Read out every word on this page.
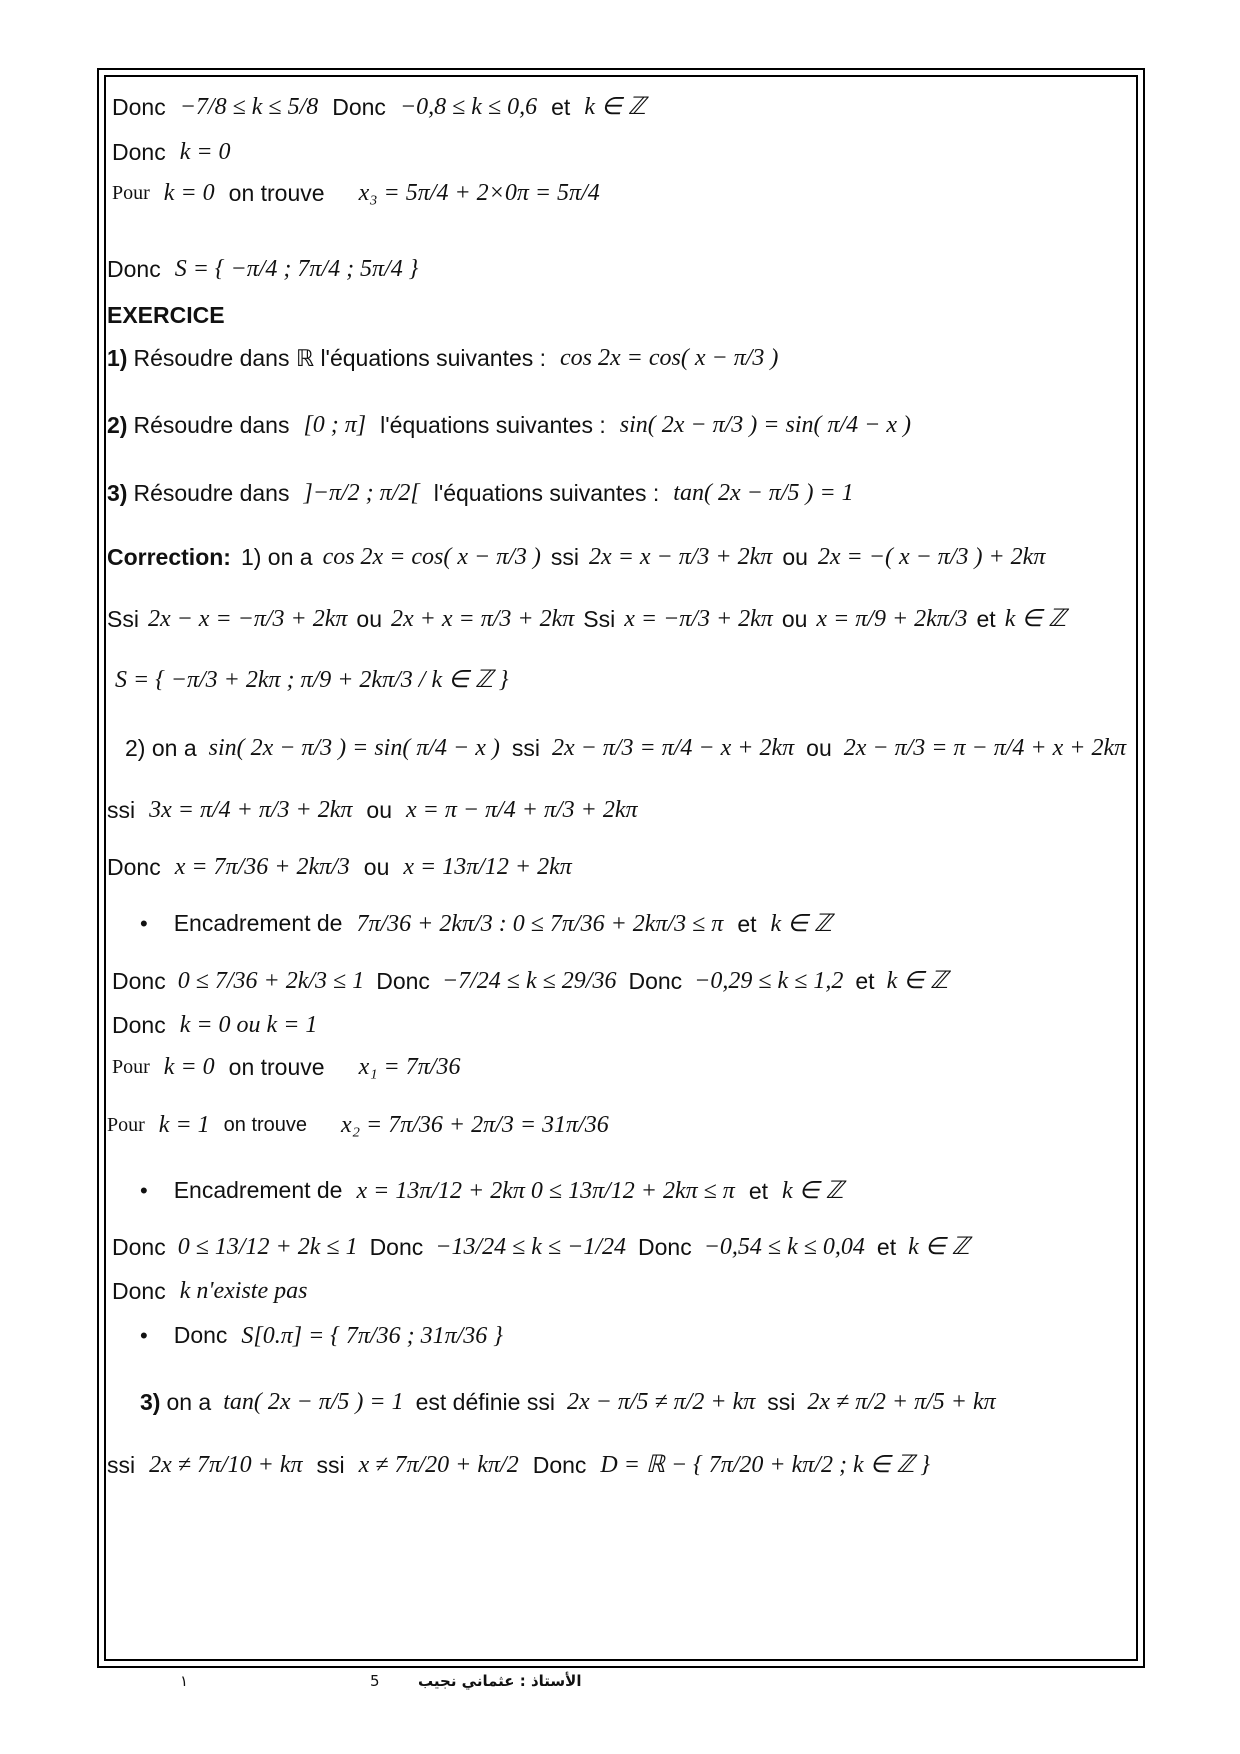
Donc −7/8 ≤ k ≤ 5/8 Donc −0,8 ≤ k ≤ 0,6 et k ∈ ℤ
Donc k = 0
Pour k = 0 on trouve x₃ = 5π/4 + 2×0π = 5π/4
Donc S = { −π/4 ; 7π/4 ; 5π/4 }
EXERCICE
1) Résoudre dans ℝ l'équations suivantes : cos 2x = cos( x − π/3 )
2) Résoudre dans [0 ; π] l'équations suivantes : sin( 2x − π/3 ) = sin( π/4 − x )
3) Résoudre dans ]−π/2 ; π/2[ l'équations suivantes : tan( 2x − π/5 ) = 1
Correction: 1) on a cos 2x = cos( x − π/3 ) ssi 2x = x − π/3 + 2kπ ou 2x = −( x − π/3 ) + 2kπ
Ssi 2x − x = −π/3 + 2kπ ou 2x + x = π/3 + 2kπ Ssi x = −π/3 + 2kπ ou x = π/9 + 2kπ/3 et k ∈ ℤ
S = { −π/3 + 2kπ ; π/9 + 2kπ/3 / k ∈ ℤ }
2) on a sin( 2x − π/3 ) = sin( π/4 − x ) ssi 2x − π/3 = π/4 − x + 2kπ ou 2x − π/3 = π − π/4 + x + 2kπ
ssi 3x = π/4 + π/3 + 2kπ ou x = π − π/4 + π/3 + 2kπ
Donc x = 7π/36 + 2kπ/3 ou x = 13π/12 + 2kπ
• Encadrement de 7π/36 + 2kπ/3 : 0 ≤ 7π/36 + 2kπ/3 ≤ π et k ∈ ℤ
Donc 0 ≤ 7/36 + 2k/3 ≤ 1 Donc −7/24 ≤ k ≤ 29/36 Donc −0,29 ≤ k ≤ 1,2 et k ∈ ℤ
Donc k = 0 ou k = 1
Pour k = 0 on trouve x₁ = 7π/36
Pour k = 1 on trouve x₂ = 7π/36 + 2π/3 = 31π/36
• Encadrement de x = 13π/12 + 2kπ 0 ≤ 13π/12 + 2kπ ≤ π et k ∈ ℤ
Donc 0 ≤ 13/12 + 2k ≤ 1 Donc −13/24 ≤ k ≤ −1/24 Donc −0,54 ≤ k ≤ 0,04 et k ∈ ℤ
Donc k n'existe pas
• Donc S[0.π] = { 7π/36 ; 31π/36 }
3) on a tan( 2x − π/5 ) = 1 est définie ssi 2x − π/5 ≠ π/2 + kπ ssi 2x ≠ π/2 + π/5 + kπ
ssi 2x ≠ 7π/10 + kπ ssi x ≠ 7π/20 + kπ/2 Donc D = ℝ − { 7π/20 + kπ/2 ; k ∈ ℤ }
١	5	الأستاذ : عثماني نجيب
